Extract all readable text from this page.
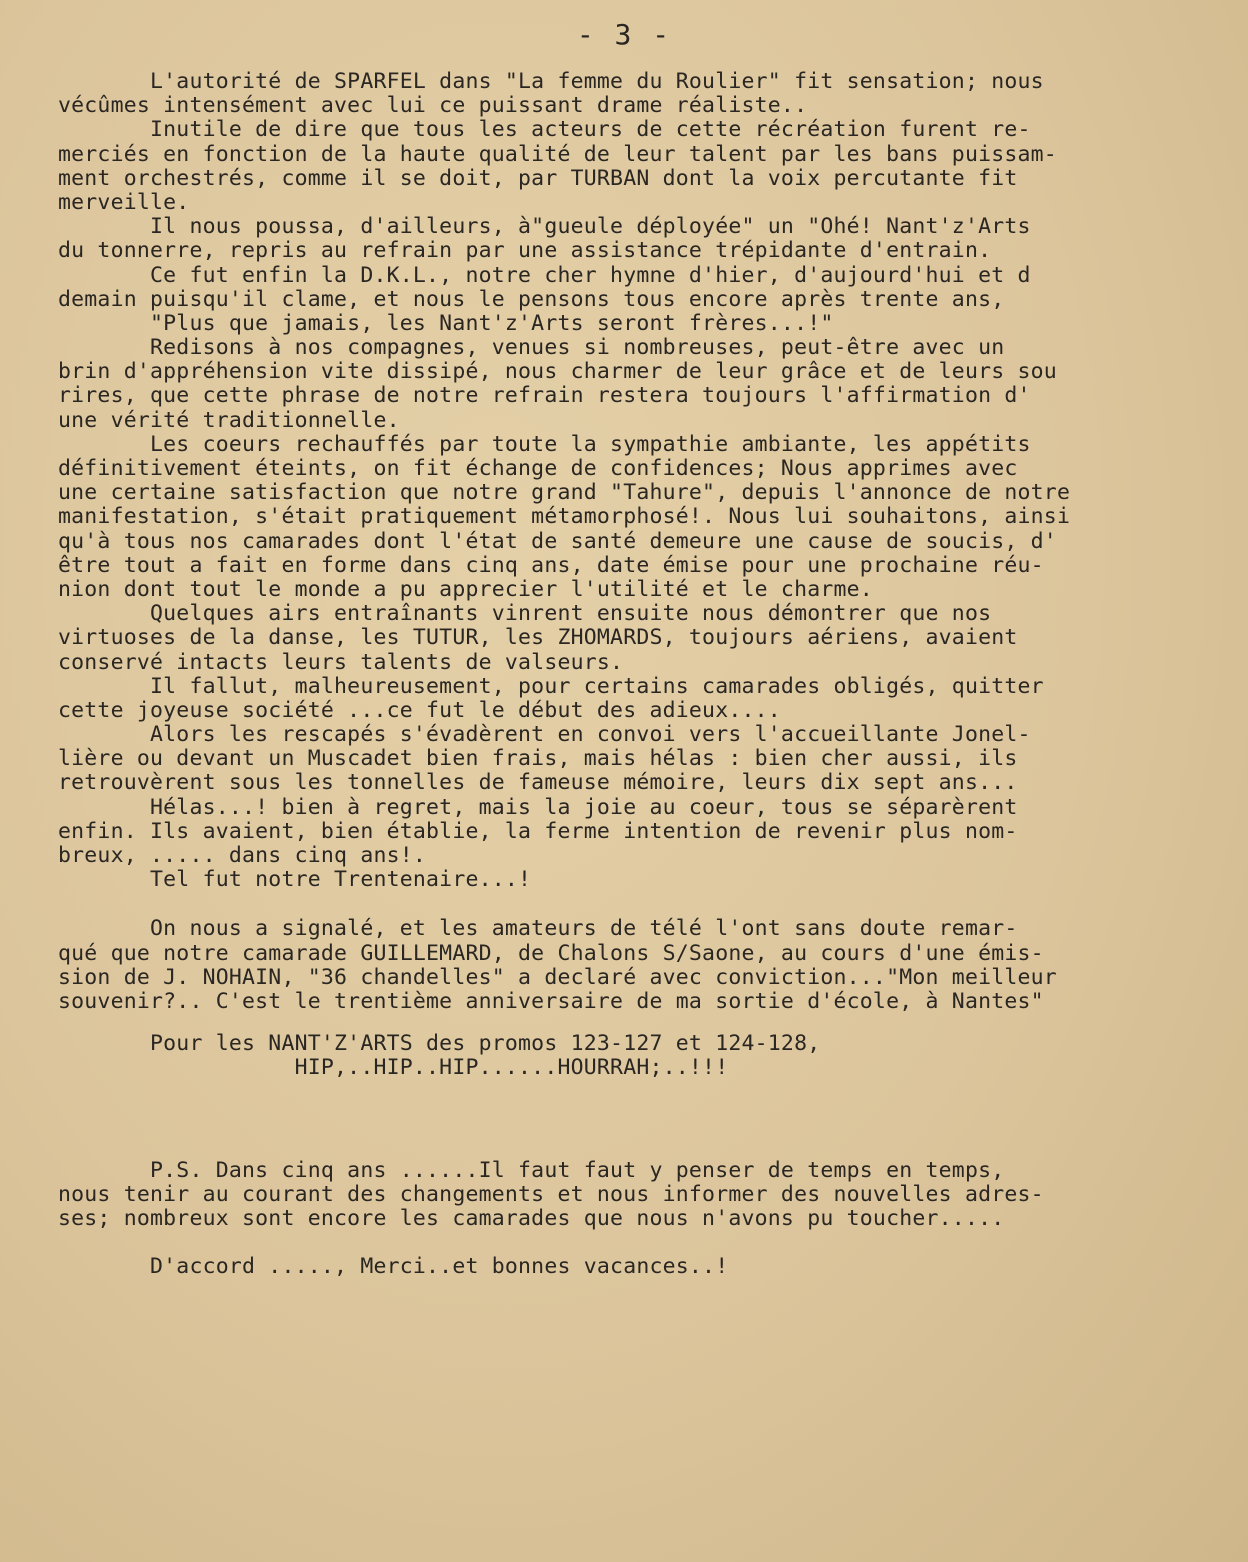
- 3 -
L'autorité de SPARFEL dans "La femme du Roulier" fit sensation; nous
vécûmes intensément avec lui ce puissant drame réaliste..
Inutile de dire que tous les acteurs de cette récréation furent re-
merciés en fonction de la haute qualité de leur talent par les bans puissam-
ment orchestrés, comme il se doit, par TURBAN dont la voix percutante fit
merveille.
Il nous poussa, d'ailleurs, à"gueule déployée" un "Ohé! Nant'z'Arts
du tonnerre, repris au refrain par une assistance trépidante d'entrain.
Ce fut enfin la D.K.L., notre cher hymne d'hier, d'aujourd'hui et d
demain puisqu'il clame, et nous le pensons tous encore après trente ans,
"Plus que jamais, les Nant'z'Arts seront frères...!"
Redisons à nos compagnes, venues si nombreuses, peut-être avec un
brin d'appréhension vite dissipé, nous charmer de leur grâce et de leurs sou
rires, que cette phrase de notre refrain restera toujours l'affirmation d'
une vérité traditionnelle.
Les coeurs rechauffés par toute la sympathie ambiante, les appétits
définitivement éteints, on fit échange de confidences; Nous apprimes avec
une certaine satisfaction que notre grand "Tahure", depuis l'annonce de notre
manifestation, s'était pratiquement métamorphosé!. Nous lui souhaitons, ainsi
qu'à tous nos camarades dont l'état de santé demeure une cause de soucis, d'
être tout a fait en forme dans cinq ans, date émise pour une prochaine réu-
nion dont tout le monde a pu apprecier l'utilité et le charme.
Quelques airs entraînants vinrent ensuite nous démontrer que nos
virtuoses de la danse, les TUTUR, les ZHOMARDS, toujours aériens, avaient
conservé intacts leurs talents de valseurs.
Il fallut, malheureusement, pour certains camarades obligés, quitter
cette joyeuse société ...ce fut le début des adieux....
Alors les rescapés s'évadèrent en convoi vers l'accueillante Jonel-
lière ou devant un Muscadet bien frais, mais hélas : bien cher aussi, ils
retrouvèrent sous les tonnelles de fameuse mémoire, leurs dix sept ans...
Hélas...! bien à regret, mais la joie au coeur, tous se séparèrent
enfin. Ils avaient, bien établie, la ferme intention de revenir plus nom-
breux, ..... dans cinq ans!.
Tel fut notre Trentenaire...!
On nous a signalé, et les amateurs de télé l'ont sans doute remar-
qué que notre camarade GUILLEMARD, de Chalons S/Saone, au cours d'une émis-
sion de J. NOHAIN, "36 chandelles" a declaré avec conviction..."Mon meilleur
souvenir?.. C'est le trentième anniversaire de ma sortie d'école, à Nantes"
Pour les NANT'Z'ARTS des promos 123-127 et 124-128,
HIP,..HIP..HIP......HOURRAH;..!!!
P.S. Dans cinq ans ......Il faut faut y penser de temps en temps,
nous tenir au courant des changements et nous informer des nouvelles adres-
ses; nombreux sont encore les camarades que nous n'avons pu toucher.....
D'accord ....., Merci..et bonnes vacances..!
